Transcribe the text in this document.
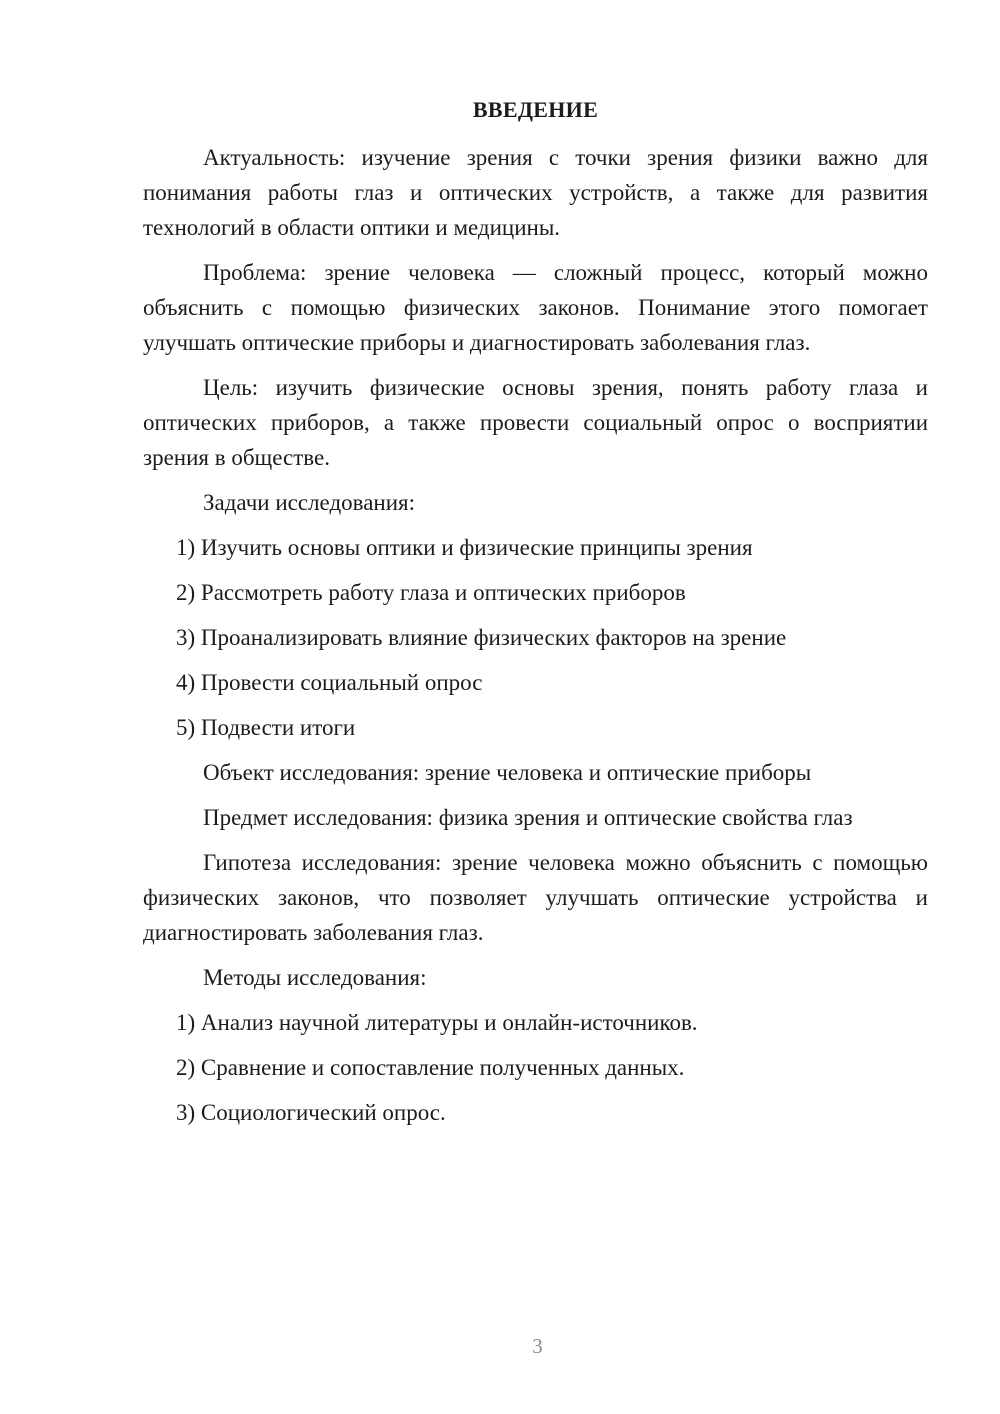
ВВЕДЕНИЕ

Актуальность: изучение зрения с точки зрения физики важно для понимания работы глаз и оптических устройств, а также для развития технологий в области оптики и медицины.

Проблема: зрение человека — сложный процесс, который можно объяснить с помощью физических законов. Понимание этого помогает улучшать оптические приборы и диагностировать заболевания глаз.

Цель: изучить физические основы зрения, понять работу глаза и оптических приборов, а также провести социальный опрос о восприятии зрения в обществе.

Задачи исследования:

1) Изучить основы оптики и физические принципы зрения
2) Рассмотреть работу глаза и оптических приборов
3) Проанализировать влияние физических факторов на зрение
4) Провести социальный опрос
5) Подвести итоги

Объект исследования: зрение человека и оптические приборы

Предмет исследования: физика зрения и оптические свойства глаз

Гипотеза исследования: зрение человека можно объяснить с помощью физических законов, что позволяет улучшать оптические устройства и диагностировать заболевания глаз.

Методы исследования:

1) Анализ научной литературы и онлайн-источников.
2) Сравнение и сопоставление полученных данных.
3) Социологический опрос.
3
